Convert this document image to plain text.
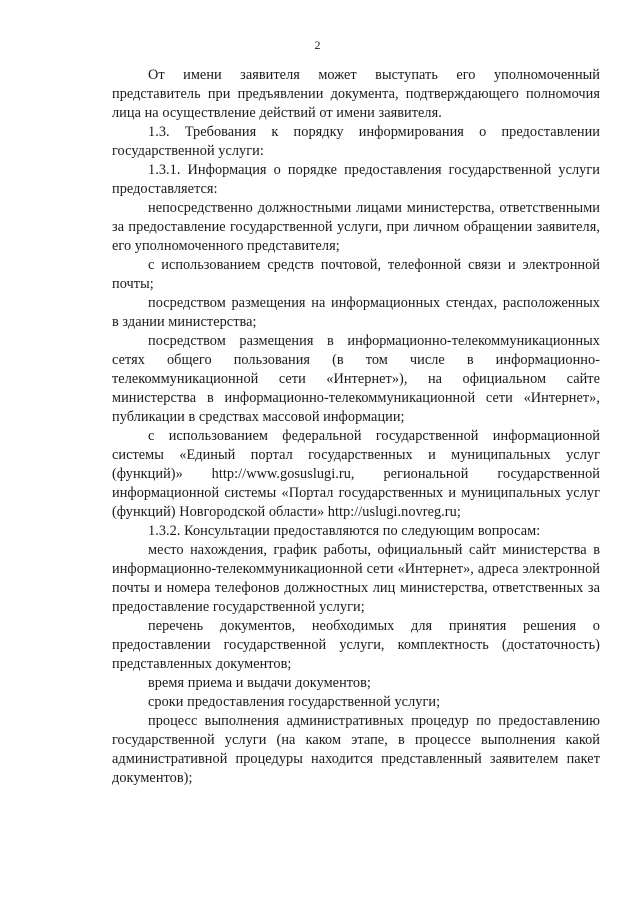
2

От имени заявителя может выступать его уполномоченный представитель при предъявлении документа, подтверждающего полномочия лица на осуществление действий от имени заявителя.

1.3. Требования к порядку информирования о предоставлении государственной услуги:

1.3.1. Информация о порядке предоставления государственной услуги предоставляется:

непосредственно должностными лицами министерства, ответственными за предоставление государственной услуги, при личном обращении заявителя, его уполномоченного представителя;

с использованием средств почтовой, телефонной связи и электронной почты;

посредством размещения на информационных стендах, расположенных в здании министерства;

посредством размещения в информационно-телекоммуникационных сетях общего пользования (в том числе в информационно-телекоммуникационной сети «Интернет»), на официальном сайте министерства в информационно-телекоммуникационной сети «Интернет», публикации в средствах массовой информации;

с использованием федеральной государственной информационной системы «Единый портал государственных и муниципальных услуг (функций)» http://www.gosuslugi.ru, региональной государственной информационной системы «Портал государственных и муниципальных услуг (функций) Новгородской области» http://uslugi.novreg.ru;

1.3.2. Консультации предоставляются по следующим вопросам:

место нахождения, график работы, официальный сайт министерства в информационно-телекоммуникационной сети «Интернет», адреса электронной почты и номера телефонов должностных лиц министерства, ответственных за предоставление государственной услуги;

перечень документов, необходимых для принятия решения о предоставлении государственной услуги, комплектность (достаточность) представленных документов;

время приема и выдачи документов;

сроки предоставления государственной услуги;

процесс выполнения административных процедур по предоставлению государственной услуги (на каком этапе, в процессе выполнения какой административной процедуры находится представленный заявителем пакет документов);
